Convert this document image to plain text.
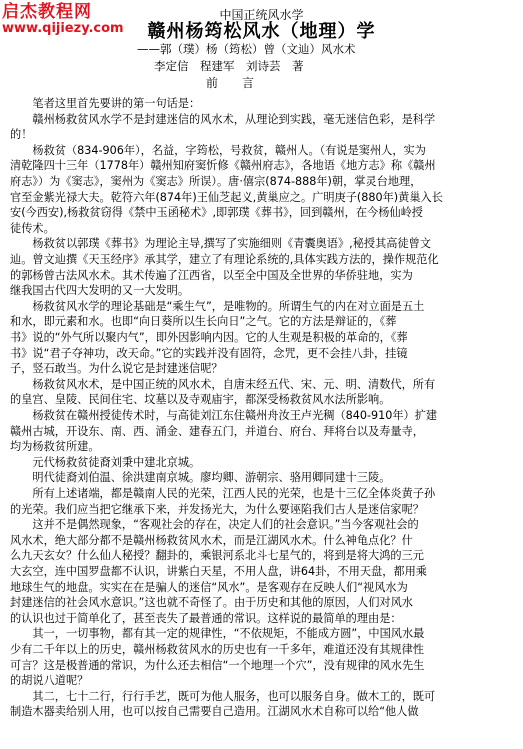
启杰教程网
www.qijiezy.com
中国正统风水学
赣州杨筠松风水（地理）学
——郭（璞）杨（筠松）曾（文辿）风水术
李定信　程建军　刘诗芸　著
前　　言
　　笔者这里首先要讲的第一句话是：
　　赣州杨救贫风水学不是封建迷信的风水术，从理论到实践，毫无迷信色彩，是科学
的！
　　杨救贫（834-906年），名益，字筠松，号救贫，赣州人。（有说是窦州人，实为
清乾隆四十三年（1778年）赣州知府窦忻修《赣州府志》，各地语《地方志》称《赣州
府志》）为《窦志》，窦州为《窦志》所误）。唐·僖宗(874-888年)朝，掌灵台地理，
官至金紫光禄大夫。乾符六年(874年)王仙芝起义,黄巢应之。广明庚子(880年)黄巢入长
安(今西安),杨救贫窃得《禁中玉函秘术》,即郭璞《葬书》，回到赣州，在今杨仙岭授
徒传术。
　　杨救贫以郭璞《葬书》为理论主导,撰写了实施细则《青囊奥语》,秘授其高徒曾文
辿。曾文辿撰《天玉经序》承其学，建立了有理论系统的,具体实践方法的，操作规范化
的郭杨曾古法风水术。其术传遍了江西省，以至全中国及全世界的华侨驻地，实为
继我国古代四大发明的又一大发明。
　　杨救贫风水学的理论基础是“乘生气”，是唯物的。所谓生气的内在对立面是五土
和水，即元素和水。也即“向日葵所以生长向日”之气。它的方法是辩证的，《葬
书》说的“外气所以聚内气”，即外因影响内因。它的人生观是积极的革命的，《葬
书》说“君子夺神功，改天命。”它的实践并没有固符，念咒，更不会挂八卦，挂镜
子，竖石敢当。为什么说它是封建迷信呢？
　　杨救贫风水术，是中国正统的风水术，自唐末经五代、宋、元、明、清数代，所有
的皇宫、皇陵、民间住宅、坟墓以及寺观庙宇，都深受杨救贫风水法所影响。
　　杨救贫在赣州授徒传术时，与高徒刘江东住赣州舟汝王卢光稠（840-910年）扩建
赣州古城，开设东、南、西、涌金、建春五门，并道台、府台、拜将台以及寿量寺，
均为杨救贫所建。
　　元代杨救贫徒裔刘秉中建北京城。
　　明代徒裔刘伯温、徐洪建南京城。廖均卿、游朝宗、骆用卿同建十三陵。
　　所有上述诸端，都是赣南人民的光荣，江西人民的光荣，也是十三亿全体炎黄子孙
的光荣。我们应当把它继承下来，并发扬光大，为什么要诬陷我们古人是迷信家呢？
　　这并不是偶然现象，“客观社会的存在，决定人们的社会意识。”当今客观社会的
风水术，绝大部分都不是赣州杨救贫风水术，而是江湖风水术。什么神龟点化？什
么九天玄女？什么仙人秘授？翻卦的，乘银河系北斗七星气的，将到是将大鸿的三元
大玄空，连中国罗盘都不认识，讲紫白天星，不用人盘，讲64卦，不用天盘，都用乘
地球生气的地盘。实实在在是骗人的迷信“风水”。是客观存在反映人们“视风水为
封建迷信的社会风水意识。”这也就不奇怪了。由于历史和其他的原因，人们对风水
的认识也过于简单化了，甚至丧失了最普通的常识。这样说的最简单的理由是：
　　其一，一切事物，都有其一定的规律性，“不依规矩，不能成方圆”，中国风水最
少有二千年以上的历史，赣州杨救贫风水的历史也有一千多年，难道还没有其规律性
可言？这是极普通的常识，为什么还去相信“一个地理一个穴”，没有规律的风水先生
的胡说八道呢？
　　其二，七十二行，行行手艺，既可为他人服务，也可以服务自身。做木工的，既可
制造木器卖给别人用，也可以按自己需要自己造用。江湖风水术自称可以给“他人做
